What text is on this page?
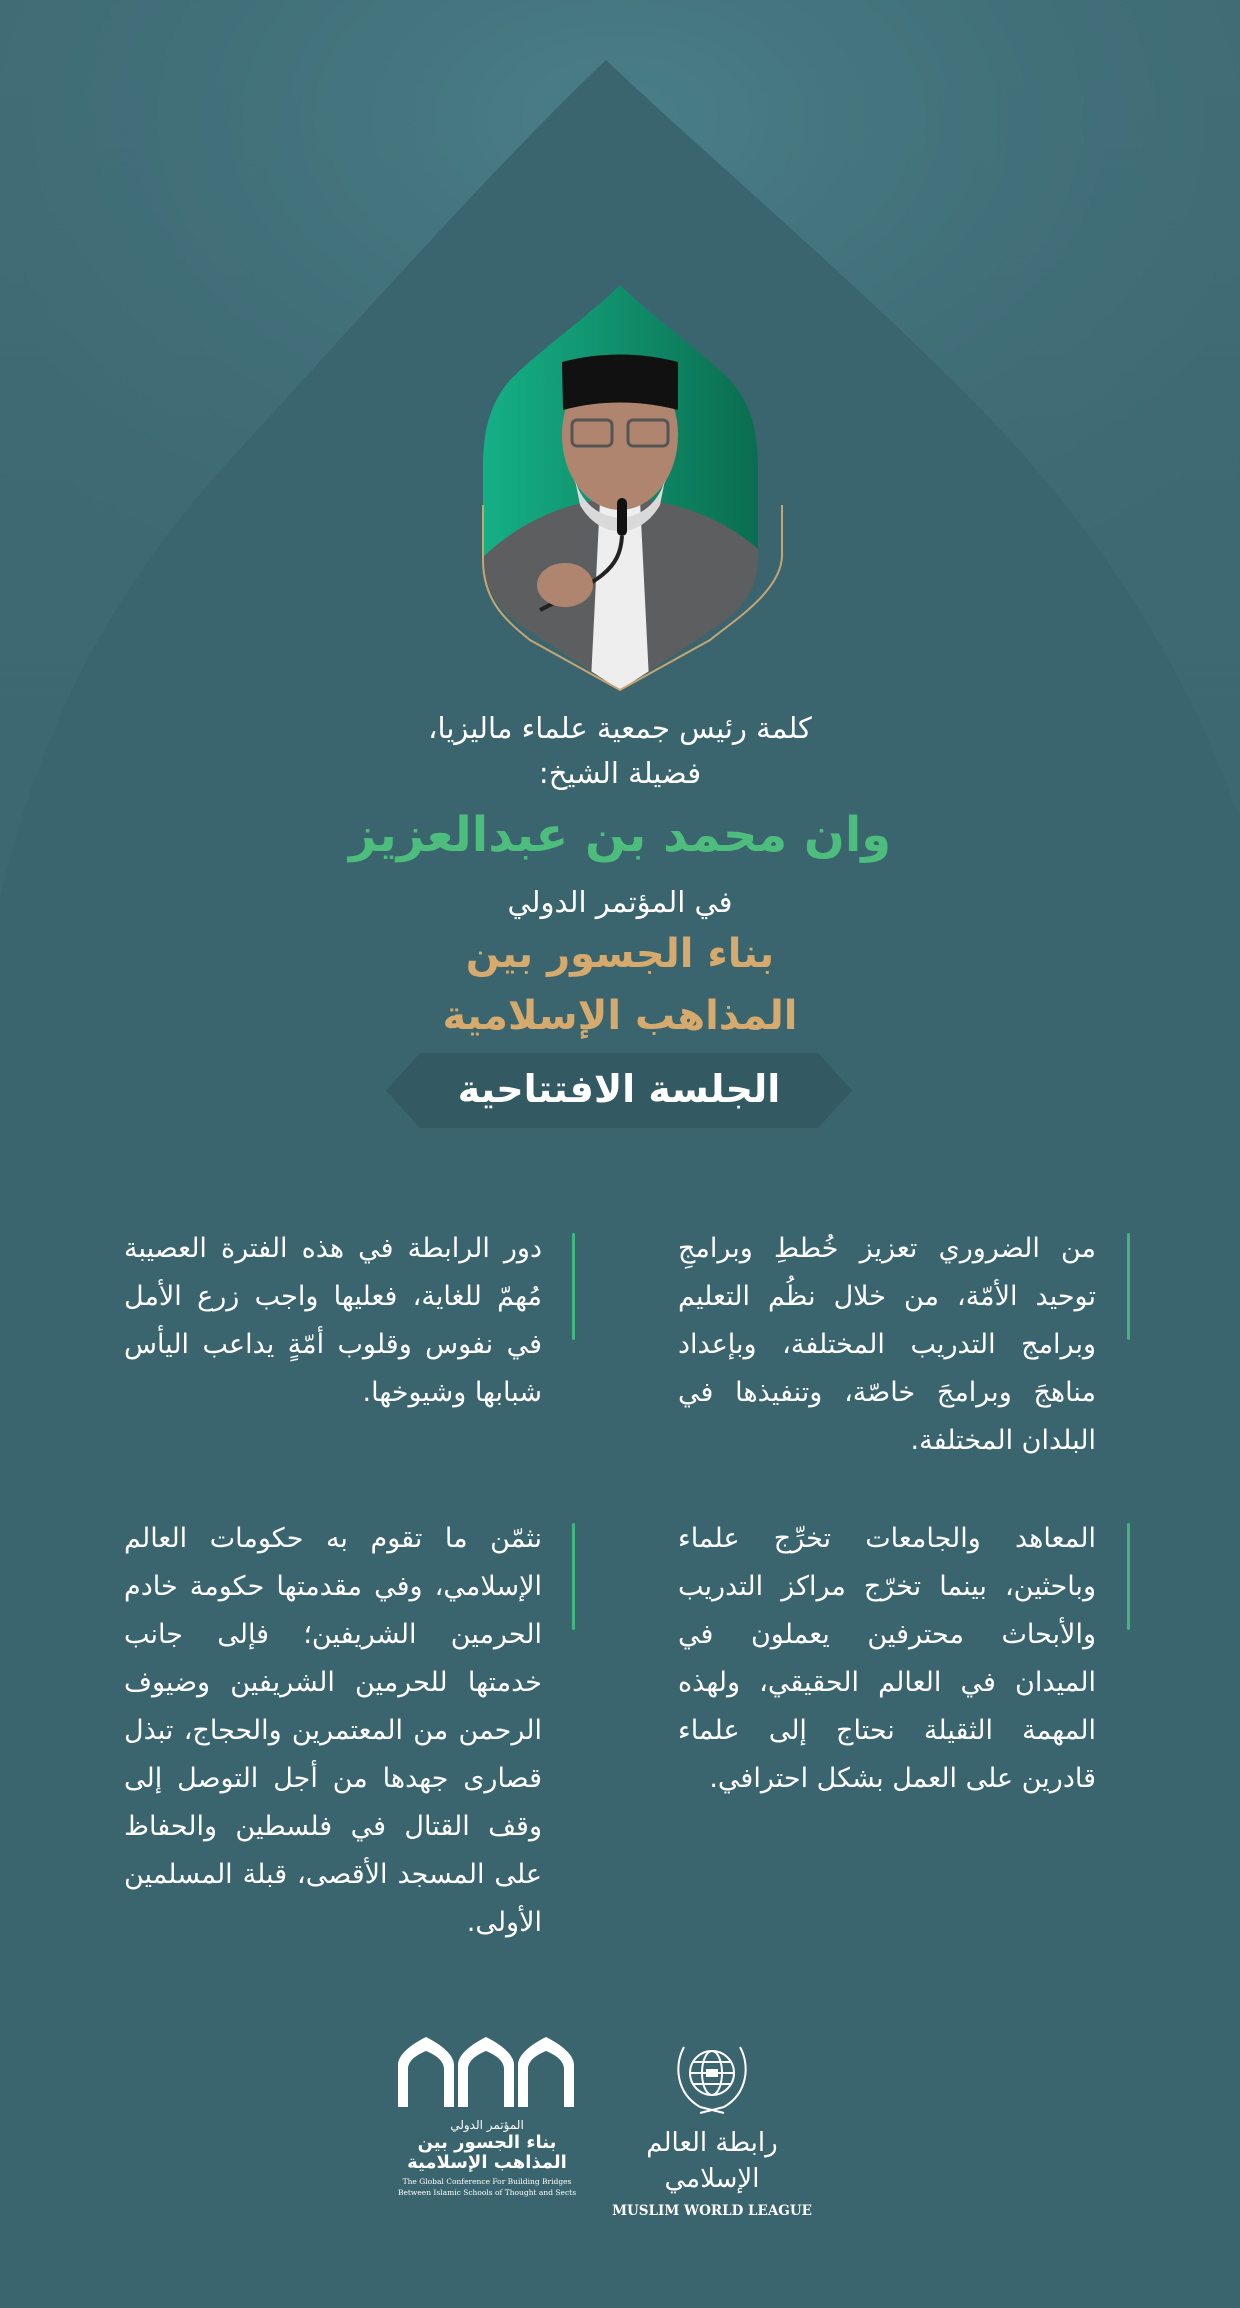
كلمة رئيس جمعية علماء ماليزيا،
فضيلة الشيخ:
وان محمد بن عبدالعزيز
في المؤتمر الدولي
بناء الجسور بين
المذاهب الإسلامية
الجلسة الافتتاحية
من الضروري تعزيز خُططِ وبرامجِ توحيد الأمّة، من خلال نظُم التعليم وبرامج التدريب المختلفة، وبإعداد مناهجَ وبرامجَ خاصّة، وتنفيذها في البلدان المختلفة.
دور الرابطة في هذه الفترة العصيبة مُهمّ للغاية، فعليها واجب زرع الأمل في نفوس وقلوب أمّةٍ يداعب اليأس شبابها وشيوخها.
المعاهد والجامعات تخرِّج علماء وباحثين، بينما تخرّج مراكز التدريب والأبحاث محترفين يعملون في الميدان في العالم الحقيقي، ولهذه المهمة الثقيلة نحتاج إلى علماء قادرين على العمل بشكل احترافي.
نثمّن ما تقوم به حكومات العالم الإسلامي، وفي مقدمتها حكومة خادم الحرمين الشريفين؛ فإلى جانب خدمتها للحرمين الشريفين وضيوف الرحمن من المعتمرين والحجاج، تبذل قصارى جهدها من أجل التوصل إلى وقف القتال في فلسطين والحفاظ على المسجد الأقصى، قبلة المسلمين الأولى.
المؤتمر الدولي
بناء الجسور بين
المذاهب الإسلامية
The Global Conference For Building Bridges
Between Islamic Schools of Thought and Sects
رابطة العالم الإسلامي
MUSLIM WORLD LEAGUE
